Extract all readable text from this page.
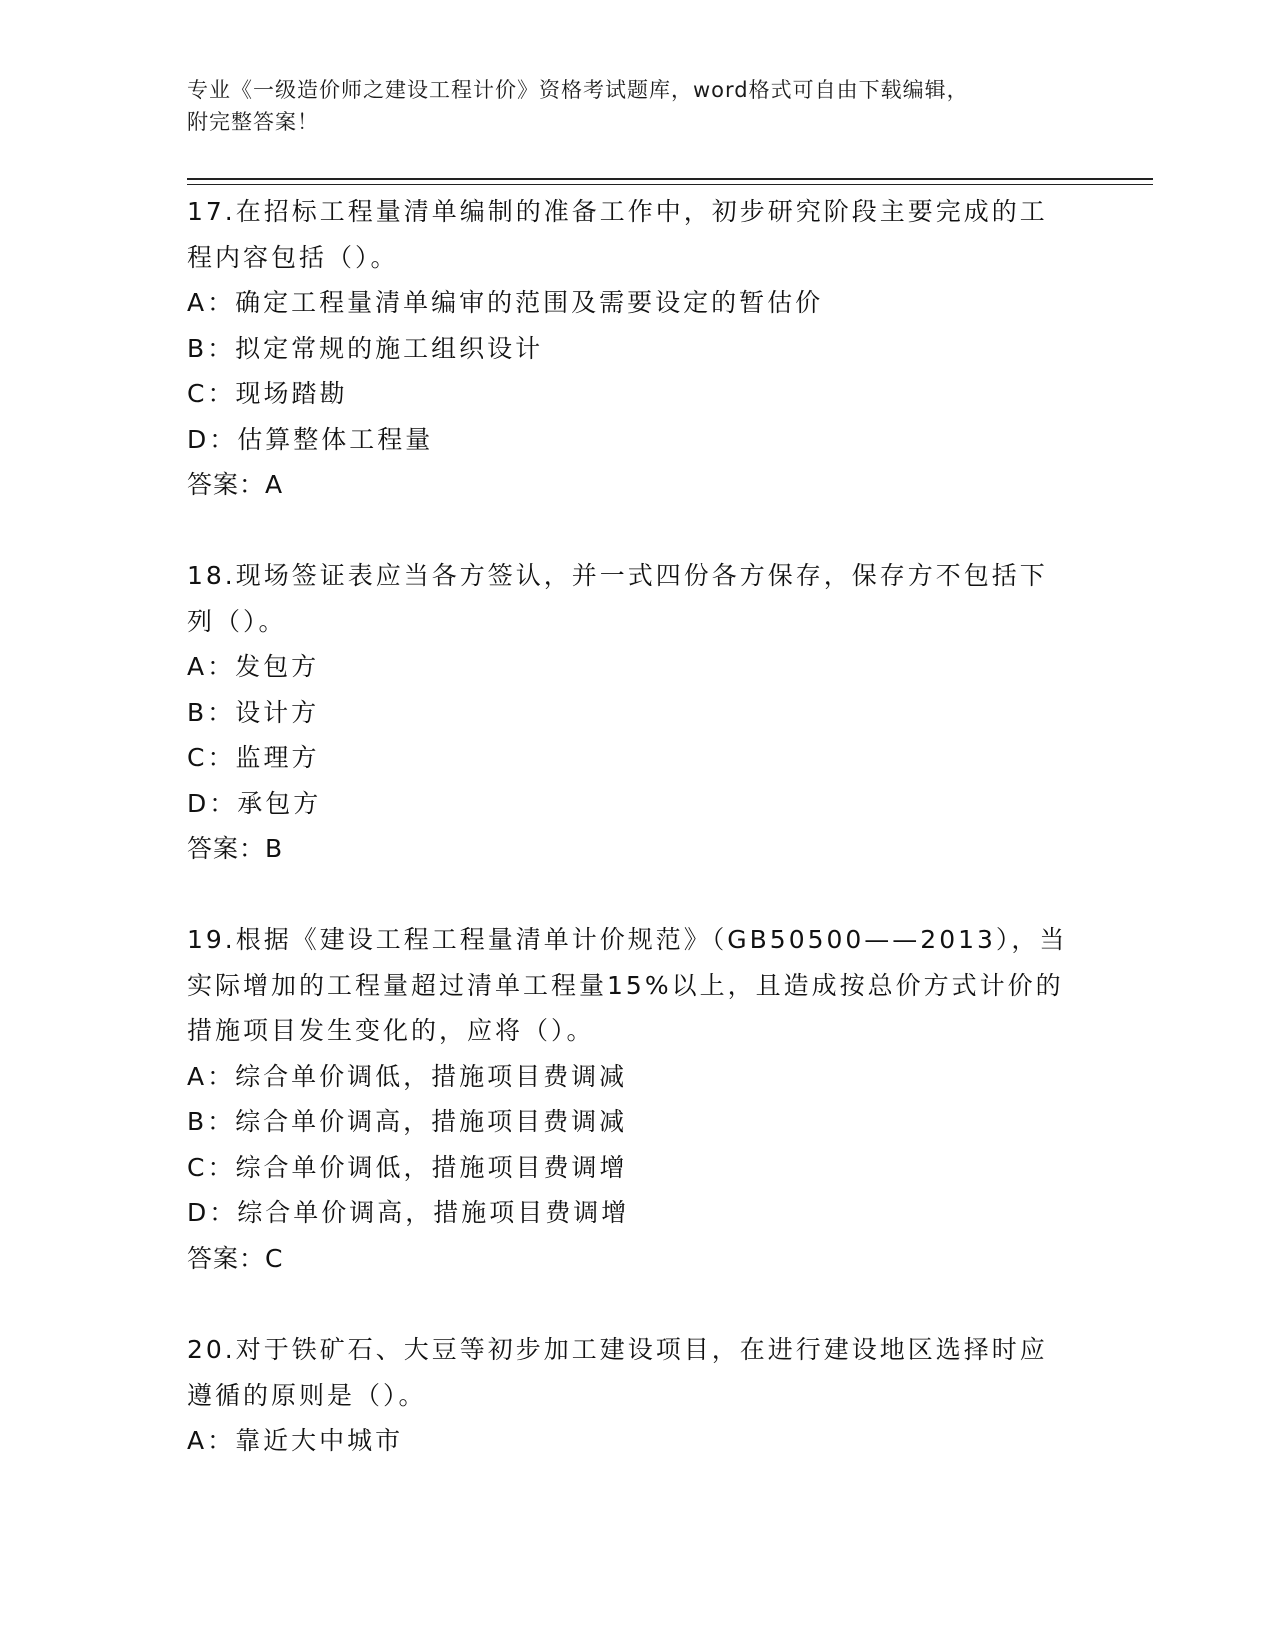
专业《一级造价师之建设工程计价》资格考试题库，word格式可自由下载编辑，
附完整答案！
17.在招标工程量清单编制的准备工作中，初步研究阶段主要完成的工
程内容包括（）。
A：确定工程量清单编审的范围及需要设定的暂估价
B：拟定常规的施工组织设计
C：现场踏勘
D：估算整体工程量
答案：A
18.现场签证表应当各方签认，并一式四份各方保存，保存方不包括下
列（）。
A：发包方
B：设计方
C：监理方
D：承包方
答案：B
19.根据《建设工程工程量清单计价规范》（GB50500——2013），当
实际增加的工程量超过清单工程量15%以上，且造成按总价方式计价的
措施项目发生变化的，应将（）。
A：综合单价调低，措施项目费调减
B：综合单价调高，措施项目费调减
C：综合单价调低，措施项目费调增
D：综合单价调高，措施项目费调增
答案：C
20.对于铁矿石、大豆等初步加工建设项目，在进行建设地区选择时应
遵循的原则是（）。
A：靠近大中城市
